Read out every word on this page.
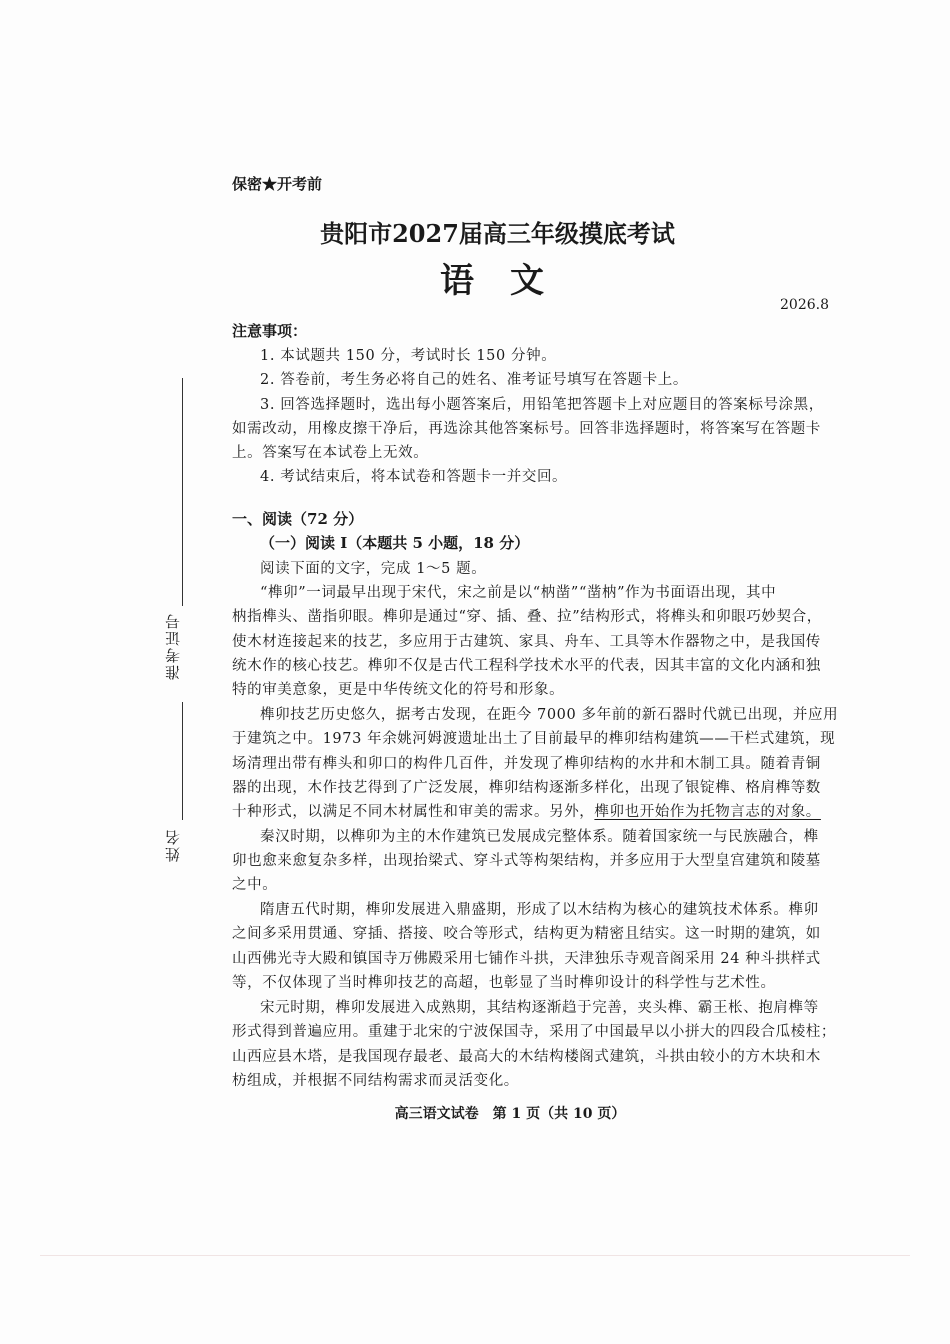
准考证号
姓名
保密★开考前
贵阳市2027届高三年级摸底考试
语文
2026.8
注意事项：
1. 本试题共 150 分，考试时长 150 分钟。
2. 答卷前，考生务必将自己的姓名、准考证号填写在答题卡上。
3. 回答选择题时，选出每小题答案后，用铅笔把答题卡上对应题目的答案标号涂黑，
如需改动，用橡皮擦干净后，再选涂其他答案标号。回答非选择题时，将答案写在答题卡
上。答案写在本试卷上无效。
4. 考试结束后，将本试卷和答题卡一并交回。
一、阅读（72 分）
（一）阅读 I（本题共 5 小题，18 分）
阅读下面的文字，完成 1～5 题。
“榫卯”一词最早出现于宋代，宋之前是以“枘凿”“凿枘”作为书面语出现，其中
枘指榫头、凿指卯眼。榫卯是通过“穿、插、叠、拉”结构形式，将榫头和卯眼巧妙契合，
使木材连接起来的技艺，多应用于古建筑、家具、舟车、工具等木作器物之中，是我国传
统木作的核心技艺。榫卯不仅是古代工程科学技术水平的代表，因其丰富的文化内涵和独
特的审美意象，更是中华传统文化的符号和形象。
榫卯技艺历史悠久，据考古发现，在距今 7000 多年前的新石器时代就已出现，并应用
于建筑之中。1973 年余姚河姆渡遗址出土了目前最早的榫卯结构建筑——干栏式建筑，现
场清理出带有榫头和卯口的构件几百件，并发现了榫卯结构的水井和木制工具。随着青铜
器的出现，木作技艺得到了广泛发展，榫卯结构逐渐多样化，出现了银锭榫、格肩榫等数
十种形式，以满足不同木材属性和审美的需求。另外，榫卯也开始作为托物言志的对象。
秦汉时期，以榫卯为主的木作建筑已发展成完整体系。随着国家统一与民族融合，榫
卯也愈来愈复杂多样，出现抬梁式、穿斗式等构架结构，并多应用于大型皇宫建筑和陵墓
之中。
隋唐五代时期，榫卯发展进入鼎盛期，形成了以木结构为核心的建筑技术体系。榫卯
之间多采用贯通、穿插、搭接、咬合等形式，结构更为精密且结实。这一时期的建筑，如
山西佛光寺大殿和镇国寺万佛殿采用七铺作斗拱，天津独乐寺观音阁采用 24 种斗拱样式
等，不仅体现了当时榫卯技艺的高超，也彰显了当时榫卯设计的科学性与艺术性。
宋元时期，榫卯发展进入成熟期，其结构逐渐趋于完善，夹头榫、霸王枨、抱肩榫等
形式得到普遍应用。重建于北宋的宁波保国寺，采用了中国最早以小拼大的四段合瓜棱柱；
山西应县木塔，是我国现存最老、最高大的木结构楼阁式建筑，斗拱由较小的方木块和木
枋组成，并根据不同结构需求而灵活变化。
高三语文试卷　第 1 页（共 10 页）
